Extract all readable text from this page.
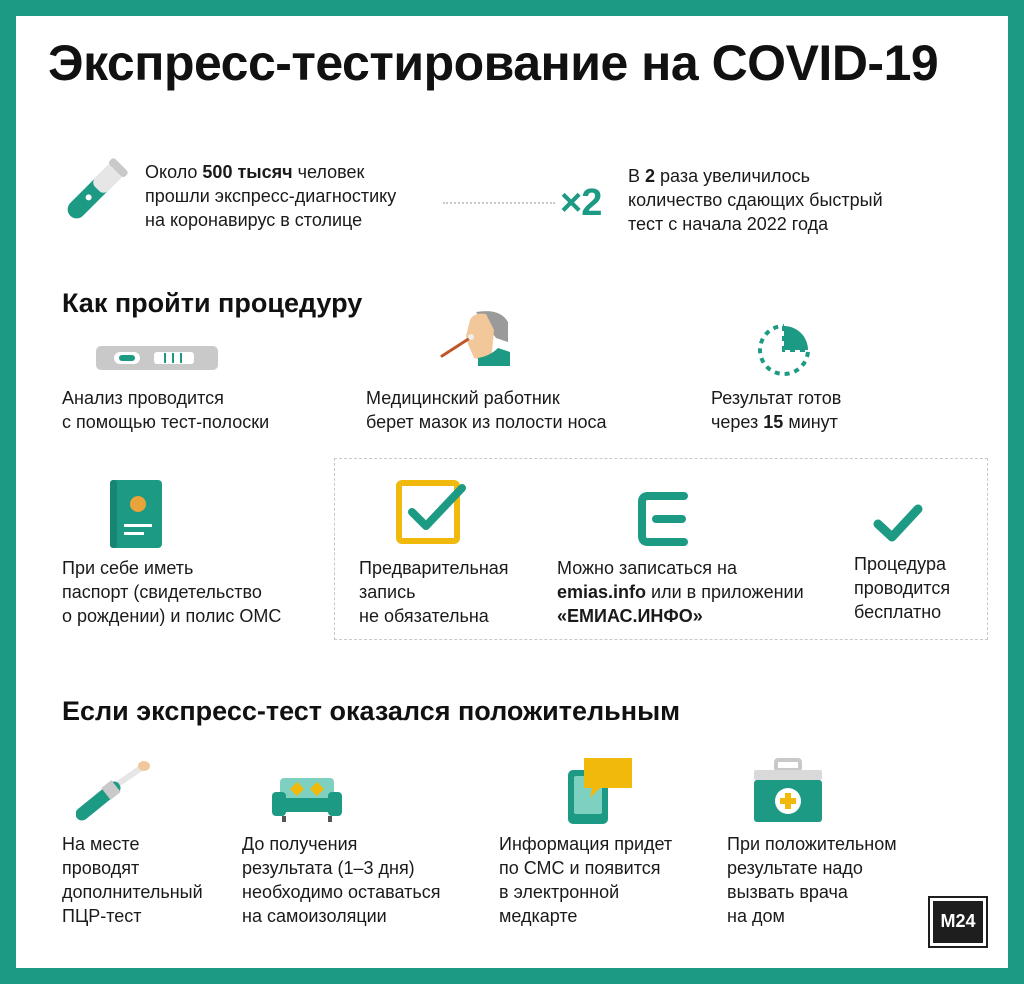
Экспресс-тестирование на COVID-19
Около 500 тысяч человек
прошли экспресс-диагностику
на коронавирус в столице	×2
В 2 раза увеличилось
количество сдающих быстрый
тест с начала 2022 года
Как пройти процедуру
Анализ проводится
с помощью тест-полоски
Медицинский работник
берет мазок из полости носа
Результат готов
через 15 минут
При себе иметь
паспорт (свидетельство
о рождении) и полис ОМС
Предварительная
запись
не обязательна
Можно записаться на
emias.info или в приложении
«ЕМИАС.ИНФО»
Процедура
проводится
бесплатно
Если экспресс-тест оказался положительным
На месте
проводят
дополнительный
ПЦР-тест
До получения
результата (1–3 дня)
необходимо оставаться
на самоизоляции
Информация придет
по СМС и появится
в электронной
медкарте
При положительном
результате надо
вызвать врача
на дом	M24
